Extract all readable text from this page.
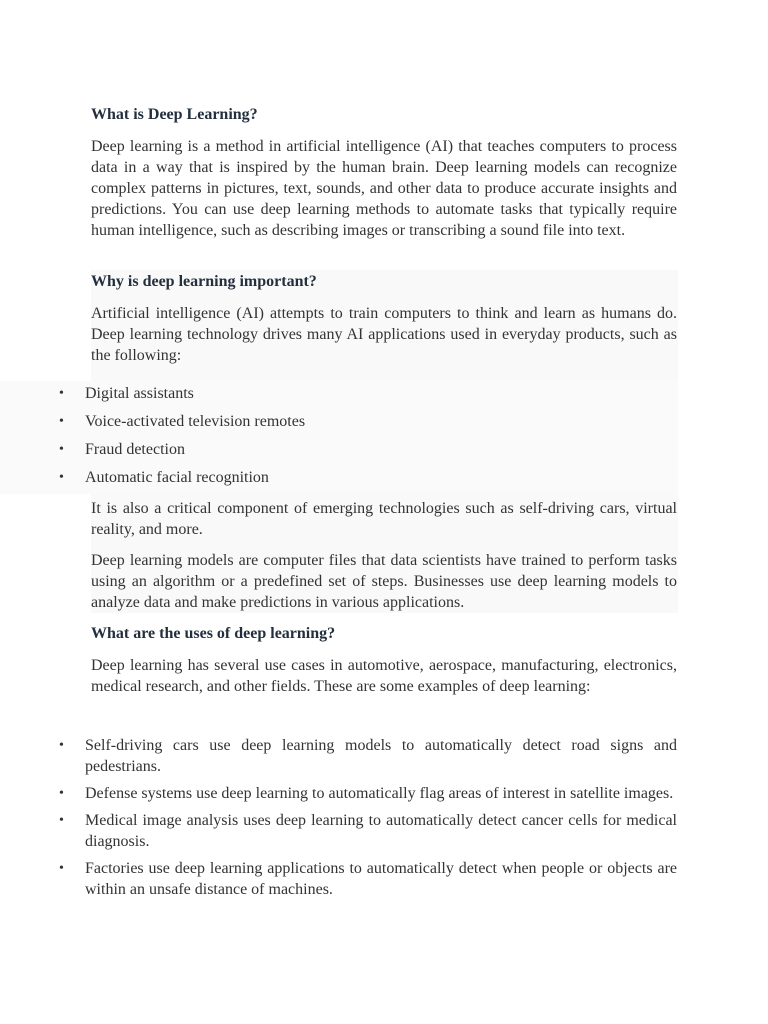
What is Deep Learning?

Deep learning is a method in artificial intelligence (AI) that teaches computers to process data in a way that is inspired by the human brain. Deep learning models can recognize complex patterns in pictures, text, sounds, and other data to produce accurate insights and predictions. You can use deep learning methods to automate tasks that typically require human intelligence, such as describing images or transcribing a sound file into text.

Why is deep learning important?

Artificial intelligence (AI) attempts to train computers to think and learn as humans do. Deep learning technology drives many AI applications used in everyday products, such as the following:

• Digital assistants
• Voice-activated television remotes
• Fraud detection
• Automatic facial recognition

It is also a critical component of emerging technologies such as self-driving cars, virtual reality, and more.

Deep learning models are computer files that data scientists have trained to perform tasks using an algorithm or a predefined set of steps. Businesses use deep learning models to analyze data and make predictions in various applications.

What are the uses of deep learning?

Deep learning has several use cases in automotive, aerospace, manufacturing, electronics, medical research, and other fields. These are some examples of deep learning:

• Self-driving cars use deep learning models to automatically detect road signs and pedestrians.
• Defense systems use deep learning to automatically flag areas of interest in satellite images.
• Medical image analysis uses deep learning to automatically detect cancer cells for medical diagnosis.
• Factories use deep learning applications to automatically detect when people or objects are within an unsafe distance of machines.
